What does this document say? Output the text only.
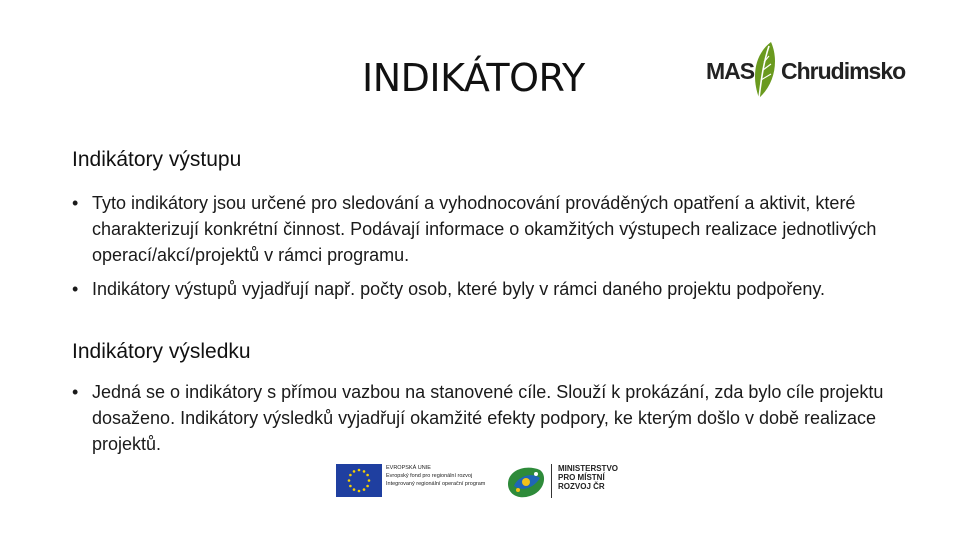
INDIKÁTORY	MAS Chrudimsko
Indikátory výstupu
• Tyto indikátory jsou určené pro sledování a vyhodnocování prováděných opatření a aktivit, které charakterizují konkrétní činnost. Podávají informace o okamžitých výstupech realizace jednotlivých operací/akcí/projektů v rámci programu.
• Indikátory výstupů vyjadřují např. počty osob, které byly v rámci daného projektu podpořeny.
Indikátory výsledku
• Jedná se o indikátory s přímou vazbou na stanovené cíle. Slouží k prokázání, zda bylo cíle projektu dosaženo. Indikátory výsledků vyjadřují okamžité efekty podpory, ke kterým došlo v době realizace projektů.
EVROPSKÁ UNIE
Evropský fond pro regionální rozvoj
Integrovaný regionální operační program
MINISTERSTVO
PRO MÍSTNÍ
ROZVOJ ČR
